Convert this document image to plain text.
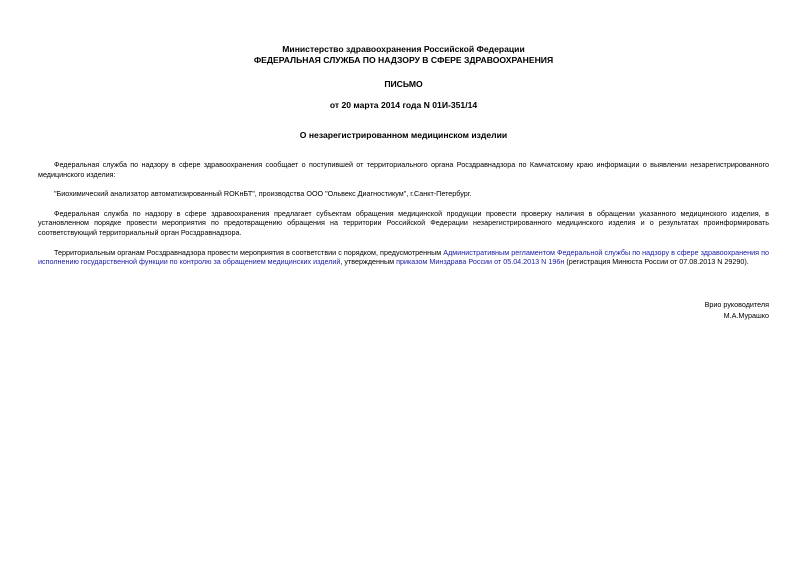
Министерство здравоохранения Российской Федерации
ФЕДЕРАЛЬНАЯ СЛУЖБА ПО НАДЗОРУ В СФЕРЕ ЗДРАВООХРАНЕНИЯ
ПИСЬМО
от 20 марта 2014 года N 01И-351/14
О незарегистрированном медицинском изделии

Федеральная служба по надзору в сфере здравоохранения сообщает о поступившей от территориального органа Росздравнадзора по Камчатскому краю информации о выявлении незарегистрированного медицинского изделия:

"Биохимический анализатор автоматизированный ROKнБТ", производства ООО "Ольвекс Диагностикум", г.Санкт-Петербург.

Федеральная служба по надзору в сфере здравоохранения предлагает субъектам обращения медицинской продукции провести проверку наличия в обращении указанного медицинского изделия, в установленном порядке провести мероприятия по предотвращению обращения на территории Российской Федерации незарегистрированного медицинского изделия и о результатах проинформировать соответствующий территориальный орган Росздравнадзора.

Территориальным органам Росздравнадзора провести мероприятия в соответствии с порядком, предусмотренным Административным регламентом Федеральной службы по надзору в сфере здравоохранения по исполнению государственной функции по контролю за обращением медицинских изделий, утвержденным приказом Минздрава России от 05.04.2013 N 196н (регистрация Минюста России от 07.08.2013 N 29290).

Врио руководителя
М.А.Мурашко
